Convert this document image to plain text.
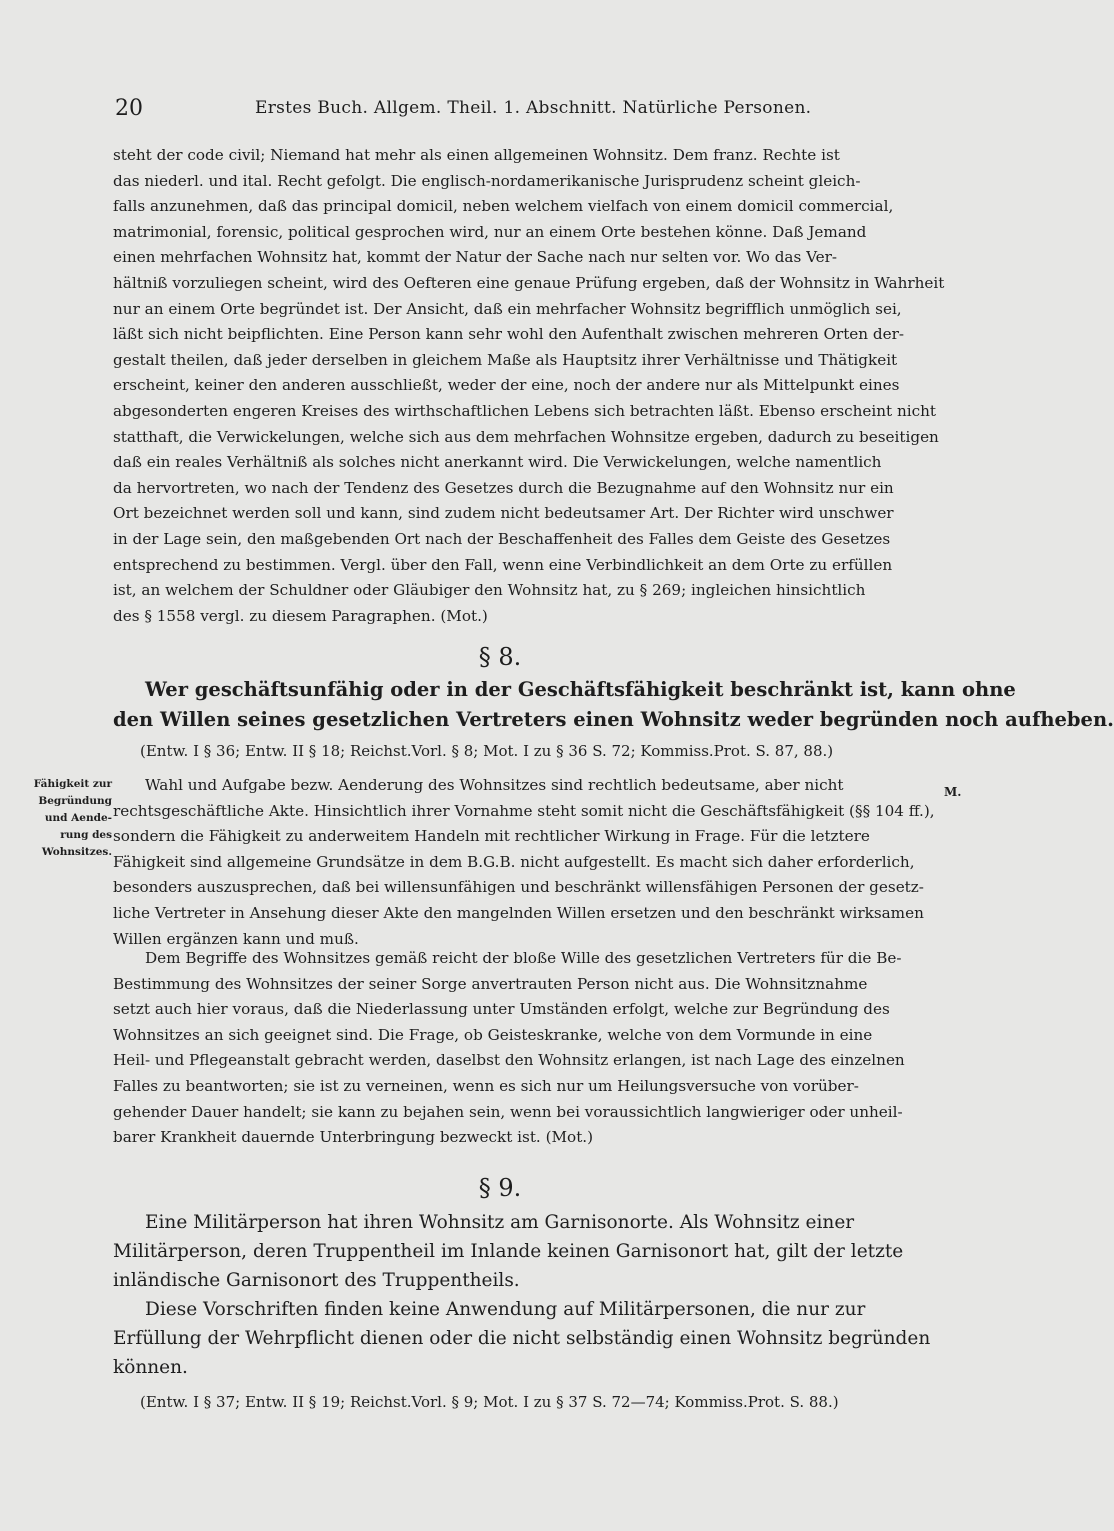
20	Erstes Buch. Allgem. Theil. 1. Abschnitt. Natürliche Personen.
steht der code civil; Niemand hat mehr als einen allgemeinen Wohnsitz. Dem franz. Rechte ist
das niederl. und ital. Recht gefolgt. Die englisch-nordamerikanische Jurisprudenz scheint gleich-
falls anzunehmen, daß das principal domicil, neben welchem vielfach von einem domicil commercial,
matrimonial, forensic, political gesprochen wird, nur an einem Orte bestehen könne. Daß Jemand
einen mehrfachen Wohnsitz hat, kommt der Natur der Sache nach nur selten vor. Wo das Ver-
hältniß vorzuliegen scheint, wird des Oefteren eine genaue Prüfung ergeben, daß der Wohnsitz in Wahrheit
nur an einem Orte begründet ist. Der Ansicht, daß ein mehrfacher Wohnsitz begrifflich unmöglich sei,
läßt sich nicht beipflichten. Eine Person kann sehr wohl den Aufenthalt zwischen mehreren Orten der-
gestalt theilen, daß jeder derselben in gleichem Maße als Hauptsitz ihrer Verhältnisse und Thätigkeit
erscheint, keiner den anderen ausschließt, weder der eine, noch der andere nur als Mittelpunkt eines
abgesonderten engeren Kreises des wirthschaftlichen Lebens sich betrachten läßt. Ebenso erscheint nicht
statthaft, die Verwickelungen, welche sich aus dem mehrfachen Wohnsitze ergeben, dadurch zu beseitigen
daß ein reales Verhältniß als solches nicht anerkannt wird. Die Verwickelungen, welche namentlich
da hervortreten, wo nach der Tendenz des Gesetzes durch die Bezugnahme auf den Wohnsitz nur ein
Ort bezeichnet werden soll und kann, sind zudem nicht bedeutsamer Art. Der Richter wird unschwer
in der Lage sein, den maßgebenden Ort nach der Beschaffenheit des Falles dem Geiste des Gesetzes
entsprechend zu bestimmen. Vergl. über den Fall, wenn eine Verbindlichkeit an dem Orte zu erfüllen
ist, an welchem der Schuldner oder Gläubiger den Wohnsitz hat, zu § 269; ingleichen hinsichtlich
des § 1558 vergl. zu diesem Paragraphen. (Mot.)
§ 8.
Wer geschäftsunfähig oder in der Geschäftsfähigkeit beschränkt ist, kann ohne
den Willen seines gesetzlichen Vertreters einen Wohnsitz weder begründen noch aufheben.
(Entw. I § 36; Entw. II § 18; Reichst.Vorl. § 8; Mot. I zu § 36 S. 72; Kommiss.Prot. S. 87, 88.)
Fähigkeit zur
Begründung
und Aende-
rung des
Wohnsitzes.
M.
Wahl und Aufgabe bezw. Aenderung des Wohnsitzes sind rechtlich bedeutsame, aber nicht
rechtsgeschäftliche Akte. Hinsichtlich ihrer Vornahme steht somit nicht die Geschäftsfähigkeit (§§ 104 ff.),
sondern die Fähigkeit zu anderweitem Handeln mit rechtlicher Wirkung in Frage. Für die letztere
Fähigkeit sind allgemeine Grundsätze in dem B.G.B. nicht aufgestellt. Es macht sich daher erforderlich,
besonders auszusprechen, daß bei willensunfähigen und beschränkt willensfähigen Personen der gesetz-
liche Vertreter in Ansehung dieser Akte den mangelnden Willen ersetzen und den beschränkt wirksamen
Willen ergänzen kann und muß.
Dem Begriffe des Wohnsitzes gemäß reicht der bloße Wille des gesetzlichen Vertreters für die Be-
Bestimmung des Wohnsitzes der seiner Sorge anvertrauten Person nicht aus. Die Wohnsitznahme
setzt auch hier voraus, daß die Niederlassung unter Umständen erfolgt, welche zur Begründung des
Wohnsitzes an sich geeignet sind. Die Frage, ob Geisteskranke, welche von dem Vormunde in eine
Heil- und Pflegeanstalt gebracht werden, daselbst den Wohnsitz erlangen, ist nach Lage des einzelnen
Falles zu beantworten; sie ist zu verneinen, wenn es sich nur um Heilungsversuche von vorüber-
gehender Dauer handelt; sie kann zu bejahen sein, wenn bei voraussichtlich langwieriger oder unheil-
barer Krankheit dauernde Unterbringung bezweckt ist. (Mot.)
§ 9.
Eine Militärperson hat ihren Wohnsitz am Garnisonorte. Als Wohnsitz einer
Militärperson, deren Truppentheil im Inlande keinen Garnisonort hat, gilt der letzte
inländische Garnisonort des Truppentheils.
Diese Vorschriften finden keine Anwendung auf Militärpersonen, die nur zur
Erfüllung der Wehrpflicht dienen oder die nicht selbständig einen Wohnsitz begründen
können.
(Entw. I § 37; Entw. II § 19; Reichst.Vorl. § 9; Mot. I zu § 37 S. 72—74; Kommiss.Prot. S. 88.)
